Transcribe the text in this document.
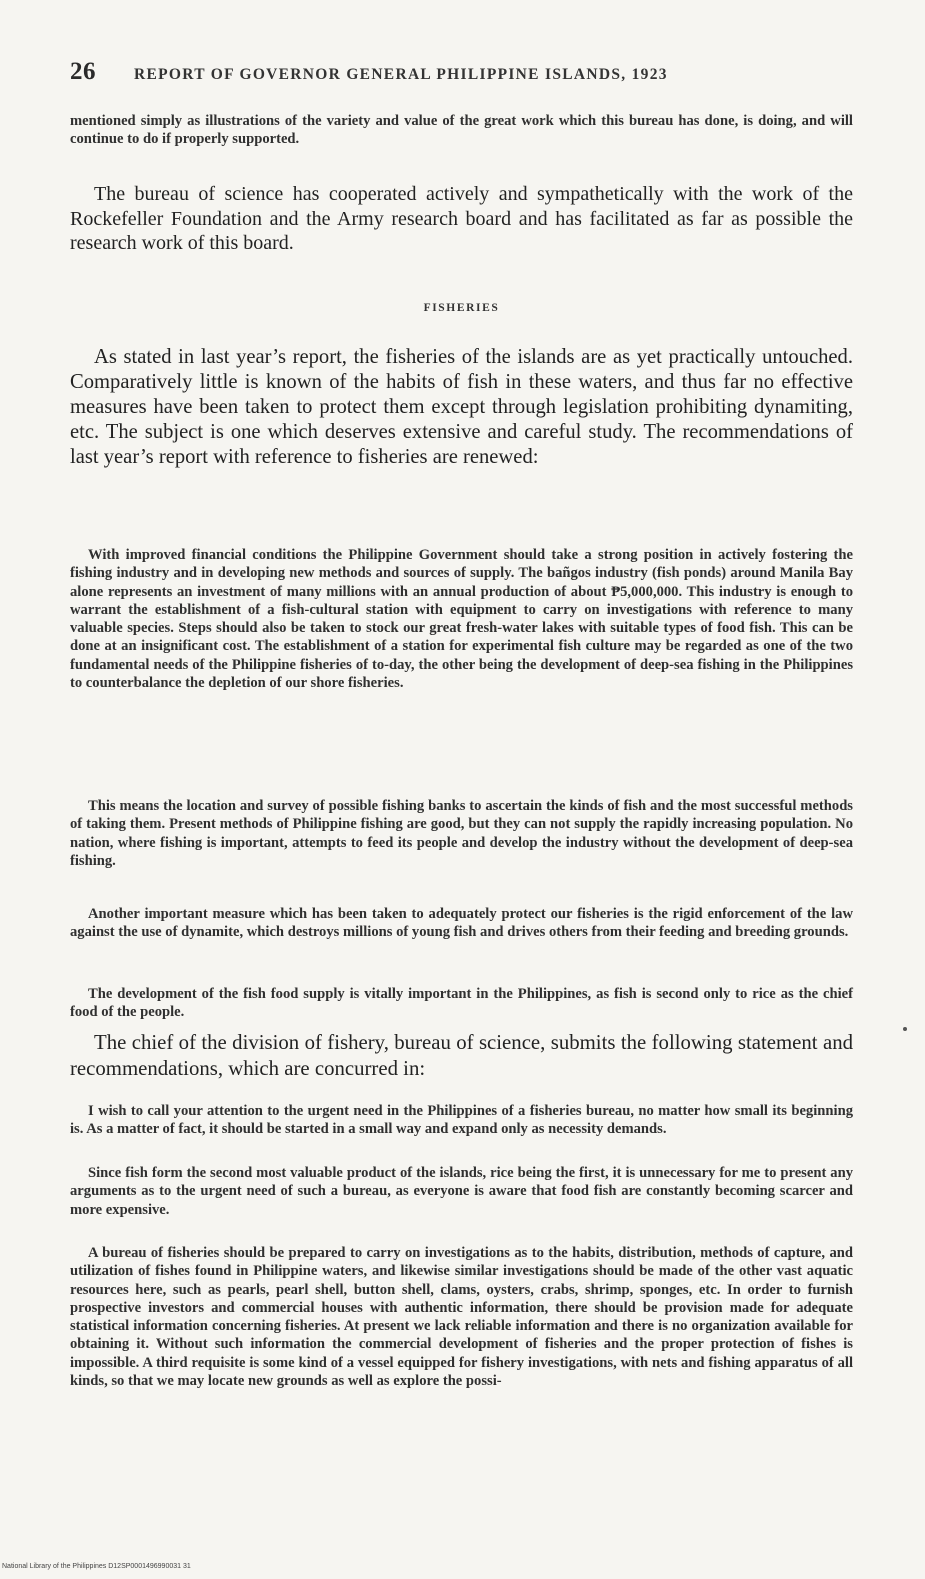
26 REPORT OF GOVERNOR GENERAL PHILIPPINE ISLANDS, 1923

mentioned simply as illustrations of the variety and value of the great work which this bureau has done, is doing, and will continue to do if properly supported.

The bureau of science has cooperated actively and sympathetically with the work of the Rockefeller Foundation and the Army research board and has facilitated as far as possible the research work of this board.

FISHERIES

As stated in last year’s report, the fisheries of the islands are as yet practically untouched. Comparatively little is known of the habits of fish in these waters, and thus far no effective measures have been taken to protect them except through legislation prohibiting dynamiting, etc. The subject is one which deserves extensive and careful study. The recommendations of last year’s report with reference to fisheries are renewed:

With improved financial conditions the Philippine Government should take a strong position in actively fostering the fishing industry and in developing new methods and sources of supply. The bañgos industry (fish ponds) around Manila Bay alone represents an investment of many millions with an annual production of about ₱5,000,000. This industry is enough to warrant the establishment of a fish-cultural station with equipment to carry on investigations with reference to many valuable species. Steps should also be taken to stock our great fresh-water lakes with suitable types of food fish. This can be done at an insignificant cost. The establishment of a station for experimental fish culture may be regarded as one of the two fundamental needs of the Philippine fisheries of to-day, the other being the development of deep-sea fishing in the Philippines to counterbalance the depletion of our shore fisheries.

This means the location and survey of possible fishing banks to ascertain the kinds of fish and the most successful methods of taking them. Present methods of Philippine fishing are good, but they can not supply the rapidly increasing population. No nation, where fishing is important, attempts to feed its people and develop the industry without the development of deep-sea fishing.

Another important measure which has been taken to adequately protect our fisheries is the rigid enforcement of the law against the use of dynamite, which destroys millions of young fish and drives others from their feeding and breeding grounds.

The development of the fish food supply is vitally important in the Philippines, as fish is second only to rice as the chief food of the people.

The chief of the division of fishery, bureau of science, submits the following statement and recommendations, which are concurred in:

I wish to call your attention to the urgent need in the Philippines of a fisheries bureau, no matter how small its beginning is. As a matter of fact, it should be started in a small way and expand only as necessity demands.

Since fish form the second most valuable product of the islands, rice being the first, it is unnecessary for me to present any arguments as to the urgent need of such a bureau, as everyone is aware that food fish are constantly becoming scarcer and more expensive.

A bureau of fisheries should be prepared to carry on investigations as to the habits, distribution, methods of capture, and utilization of fishes found in Philippine waters, and likewise similar investigations should be made of the other vast aquatic resources here, such as pearls, pearl shell, button shell, clams, oysters, crabs, shrimp, sponges, etc. In order to furnish prospective investors and commercial houses with authentic information, there should be provision made for adequate statistical information concerning fisheries. At present we lack reliable information and there is no organization available for obtaining it. Without such information the commercial development of fisheries and the proper protection of fishes is impossible. A third requisite is some kind of a vessel equipped for fishery investigations, with nets and fishing apparatus of all kinds, so that we may locate new grounds as well as explore the possi-

National Library of the Philippines D12SP0001496990031 31
